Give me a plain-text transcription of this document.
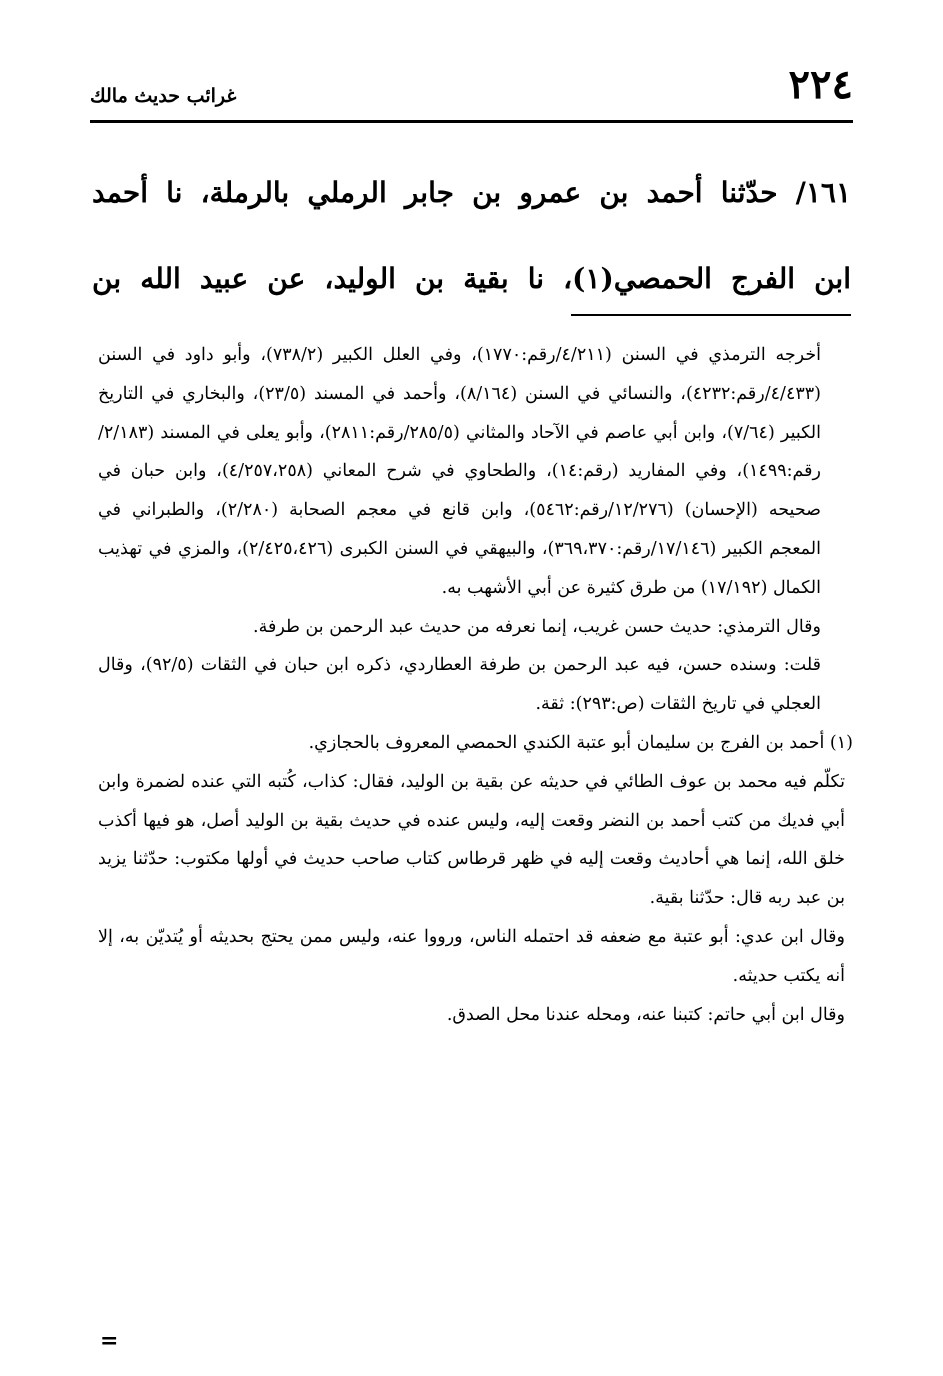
٢٢٤
غرائب حديث مالك

١٦١/ حدّثنا أحمد بن عمرو بن جابر الرملي بالرملة، نا أحمد

ابن الفرج الحمصي(١)، نا بقية بن الوليد، عن عبيد الله بن

أخرجه الترمذي في السنن (٤/٢١١/رقم:١٧٧٠)، وفي العلل الكبير (٧٣٨/٢)، وأبو داود في السنن (٤/٤٣٣/رقم:٤٢٣٢)، والنسائي في السنن (٨/١٦٤)، وأحمد في المسند (٢٣/٥)، والبخاري في التاريخ الكبير (٧/٦٤)، وابن أبي عاصم في الآحاد والمثاني (٢٨٥/٥/رقم:٢٨١١)، وأبو يعلى في المسند (٢/١٨٣/رقم:١٤٩٩)، وفي المفاريد (رقم:١٤)، والطحاوي في شرح المعاني (٤/٢٥٧،٢٥٨)، وابن حبان في صحيحه (الإحسان) (١٢/٢٧٦/رقم:٥٤٦٢)، وابن قانع في معجم الصحابة (٢/٢٨٠)، والطبراني في المعجم الكبير (١٧/١٤٦/رقم:٣٦٩،٣٧٠)، والبيهقي في السنن الكبرى (٢/٤٢٥،٤٢٦)، والمزي في تهذيب الكمال (١٧/١٩٢) من طرق كثيرة عن أبي الأشهب به.

وقال الترمذي: حديث حسن غريب، إنما نعرفه من حديث عبد الرحمن بن طرفة.

قلت: وسنده حسن، فيه عبد الرحمن بن طرفة العطاردي، ذكره ابن حبان في الثقات (٩٢/٥)، وقال العجلي في تاريخ الثقات (ص:٢٩٣): ثقة.

(١) أحمد بن الفرج بن سليمان أبو عتبة الكندي الحمصي المعروف بالحجازي.

تكلّم فيه محمد بن عوف الطائي في حديثه عن بقية بن الوليد، فقال: كذاب، كُتبه التي عنده لضمرة وابن أبي فديك من كتب أحمد بن النضر وقعت إليه، وليس عنده في حديث بقية بن الوليد أصل، هو فيها أكذب خلق الله، إنما هي أحاديث وقعت إليه في ظهر قرطاس كتاب صاحب حديث في أولها مكتوب: حدّثنا يزيد بن عبد ربه قال: حدّثنا بقية.

وقال ابن عدي: أبو عتبة مع ضعفه قد احتمله الناس، ورووا عنه، وليس ممن يحتج بحديثه أو يُتديّن به، إلا أنه يكتب حديثه.

وقال ابن أبي حاتم: كتبنا عنه، ومحله عندنا محل الصدق.

=
